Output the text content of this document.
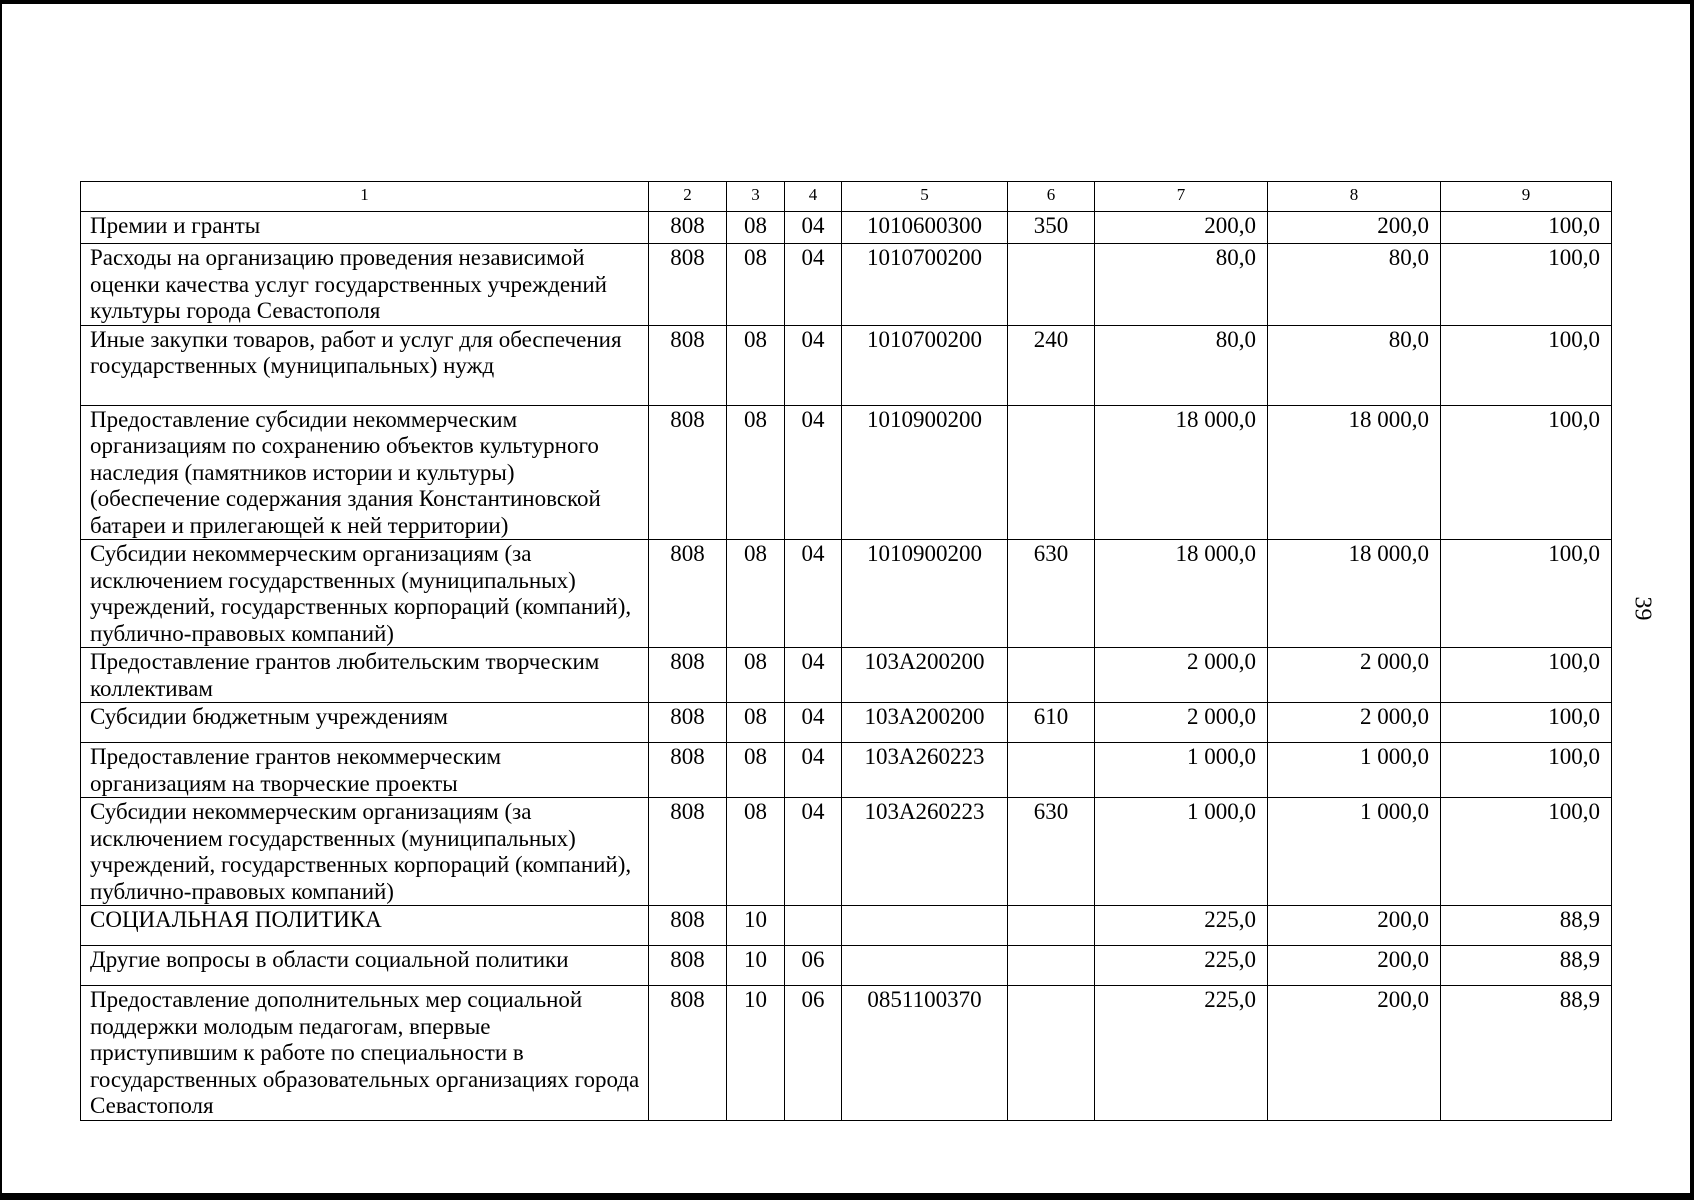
39
1	2	3	4	5	6	7	8	9
Премии и гранты	808	08	04	1010600300	350	200,0	200,0	100,0
Расходы на организацию проведения независимой оценки качества услуг государственных учреждений культуры города Севастополя	808	08	04	1010700200		80,0	80,0	100,0
Иные закупки товаров, работ и услуг для обеспечения государственных (муниципальных) нужд	808	08	04	1010700200	240	80,0	80,0	100,0
Предоставление субсидии некоммерческим организациям по сохранению объектов культурного наследия (памятников истории и культуры) (обеспечение содержания здания Константиновской батареи и прилегающей к ней территории)	808	08	04	1010900200		18 000,0	18 000,0	100,0
Субсидии некоммерческим организациям (за исключением государственных (муниципальных) учреждений, государственных корпораций (компаний), публично-правовых компаний)	808	08	04	1010900200	630	18 000,0	18 000,0	100,0
Предоставление грантов любительским творческим коллективам	808	08	04	103A200200		2 000,0	2 000,0	100,0
Субсидии бюджетным учреждениям	808	08	04	103A200200	610	2 000,0	2 000,0	100,0
Предоставление грантов некоммерческим организациям на творческие проекты	808	08	04	103A260223		1 000,0	1 000,0	100,0
Субсидии некоммерческим организациям (за исключением государственных (муниципальных) учреждений, государственных корпораций (компаний), публично-правовых компаний)	808	08	04	103A260223	630	1 000,0	1 000,0	100,0
СОЦИАЛЬНАЯ ПОЛИТИКА	808	10				225,0	200,0	88,9
Другие вопросы в области социальной политики	808	10	06			225,0	200,0	88,9
Предоставление дополнительных мер социальной поддержки молодым педагогам, впервые приступившим к работе по специальности в государственных образовательных организациях города Севастополя	808	10	06	0851100370		225,0	200,0	88,9
